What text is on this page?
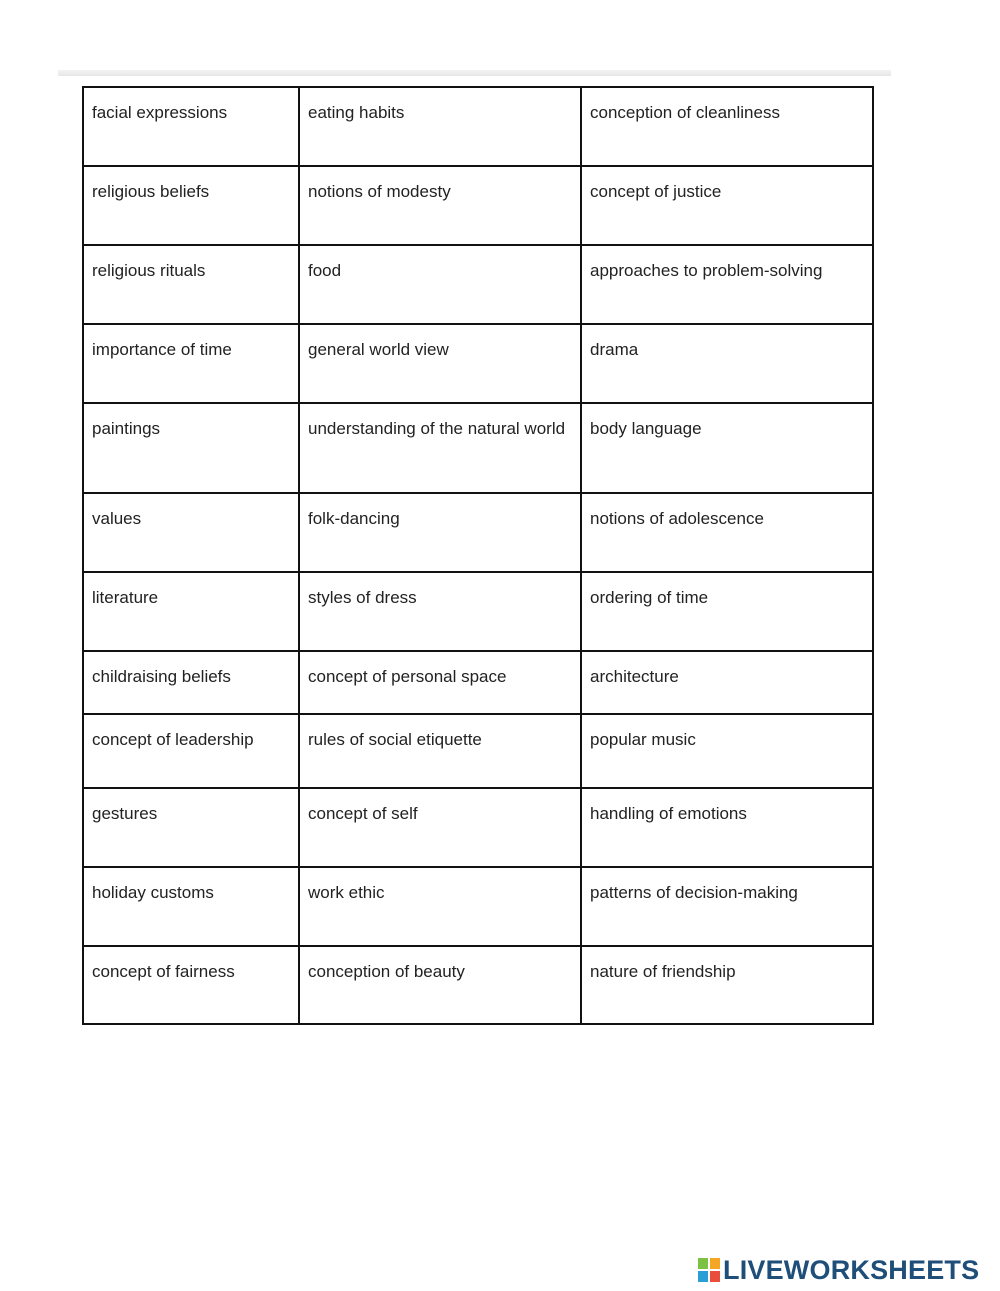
facial expressions	eating habits	conception of cleanliness
religious beliefs	notions of modesty	concept of justice
religious rituals	food	approaches to problem-solving
importance of time	general world view	drama
paintings	understanding of the natural world	body language
values	folk-dancing	notions of adolescence
literature	styles of dress	ordering of time
childraising beliefs	concept of personal space	architecture
concept of leadership	rules of social etiquette	popular music
gestures	concept of self	handling of emotions
holiday customs	work ethic	patterns of decision-making
concept of fairness	conception of beauty	nature of friendship
LIVEWORKSHEETS
